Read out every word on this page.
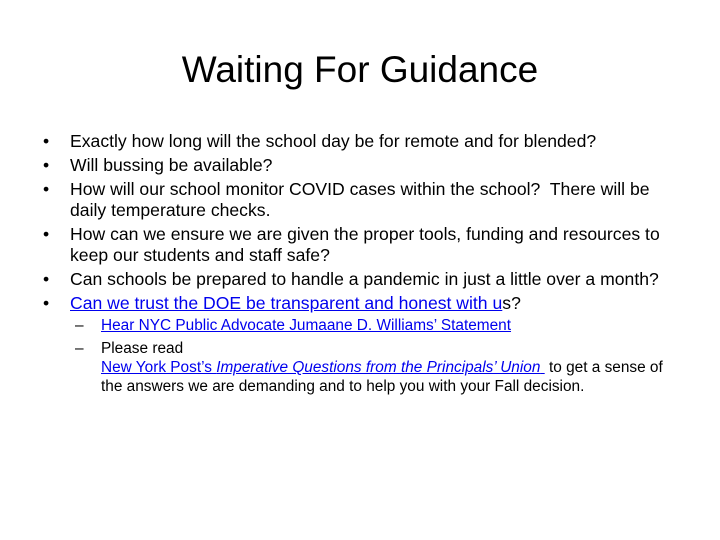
Waiting For Guidance
•	Exactly how long will the school day be for remote and for blended?
•	Will bussing be available?
•	How will our school monitor COVID cases within the school?  There will be daily temperature checks.
•	How can we ensure we are given the proper tools, funding and resources to keep our students and staff safe?
•	Can schools be prepared to handle a pandemic in just a little over a month?
•	Can we trust the DOE be transparent and honest with us?
– Hear NYC Public Advocate Jumaane D. Williams’ Statement
– Please read
New York Post’s Imperative Questions from the Principals’ Union  to get a sense of the answers we are demanding and to help you with your Fall decision.
